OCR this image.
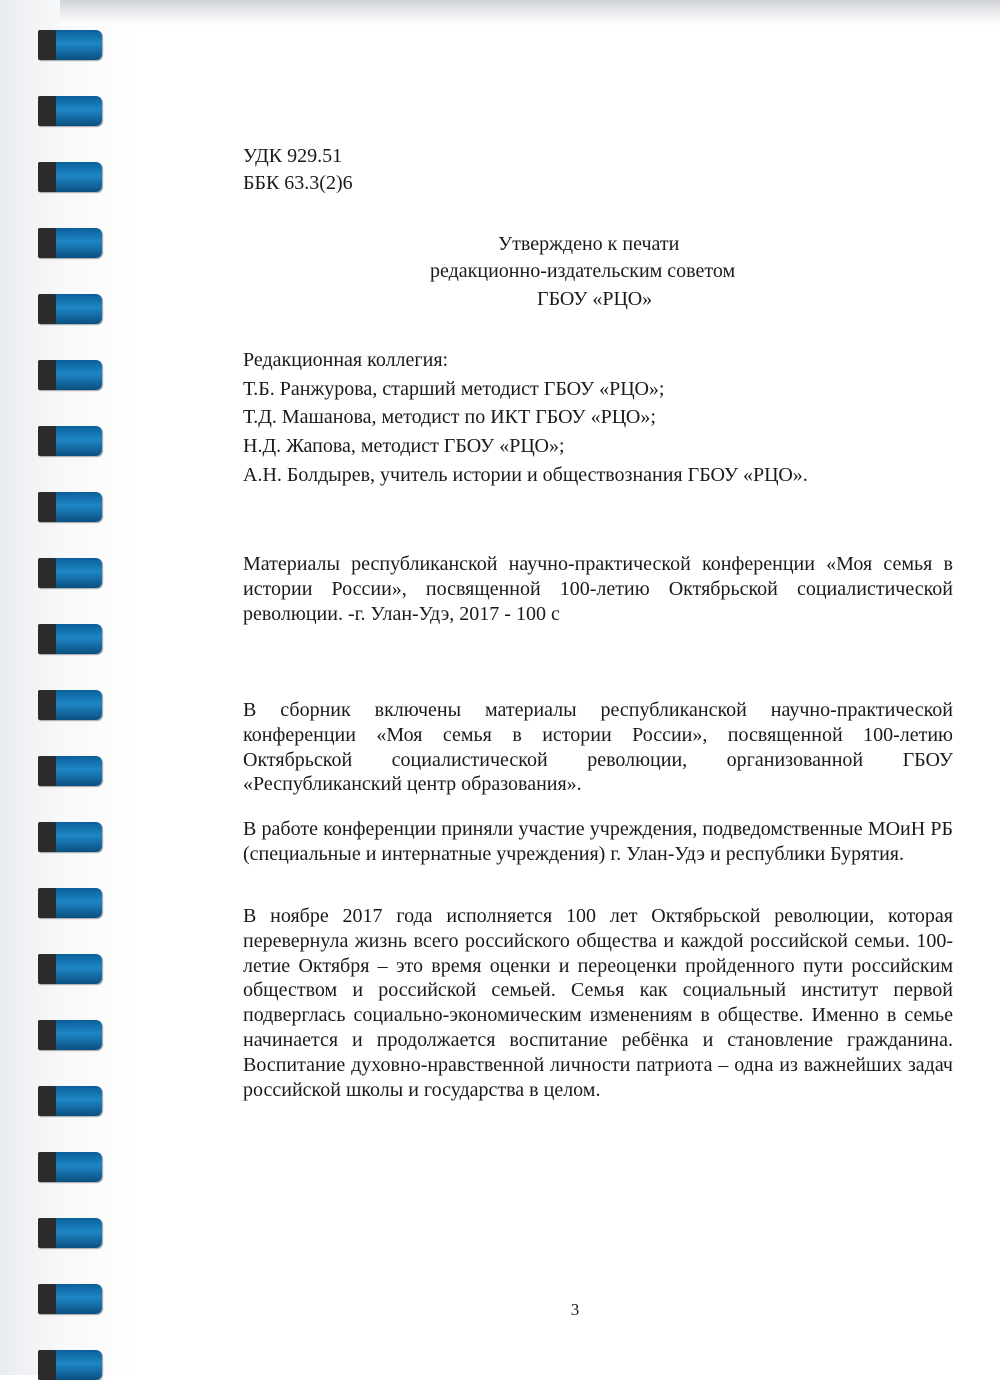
УДК 929.51
ББК 63.3(2)6
Утверждено к печати
редакционно-издательским советом
ГБОУ «РЦО»
Редакционная коллегия:
Т.Б. Ранжурова, старший методист ГБОУ «РЦО»;
Т.Д. Машанова, методист по ИКТ ГБОУ «РЦО»;
Н.Д. Жапова, методист ГБОУ «РЦО»;
А.Н. Болдырев, учитель истории и обществознания ГБОУ «РЦО».
Материалы республиканской научно-практической конференции «Моя семья в истории России», посвященной 100-летию Октябрьской социалистической революции. -г. Улан-Удэ, 2017 - 100 с
В сборник включены материалы республиканской научно-практической конференции «Моя семья в истории России», посвященной 100-летию Октябрьской социалистической революции, организованной ГБОУ «Республиканский центр образования».
В работе конференции приняли участие учреждения, подведомственные МОиН РБ (специальные и интернатные учреждения) г. Улан-Удэ и республики Бурятия.
В ноябре 2017 года исполняется 100 лет Октябрьской революции, которая перевернула жизнь всего российского общества и каждой российской семьи. 100-летие Октября – это время оценки и переоценки пройденного пути российским обществом и российской семьей. Семья как социальный институт первой подверглась социально-экономическим изменениям в обществе. Именно в семье начинается и продолжается воспитание ребёнка и становление гражданина. Воспитание духовно-нравственной личности патриота – одна из важнейших задач российской школы и государства в целом.
3
